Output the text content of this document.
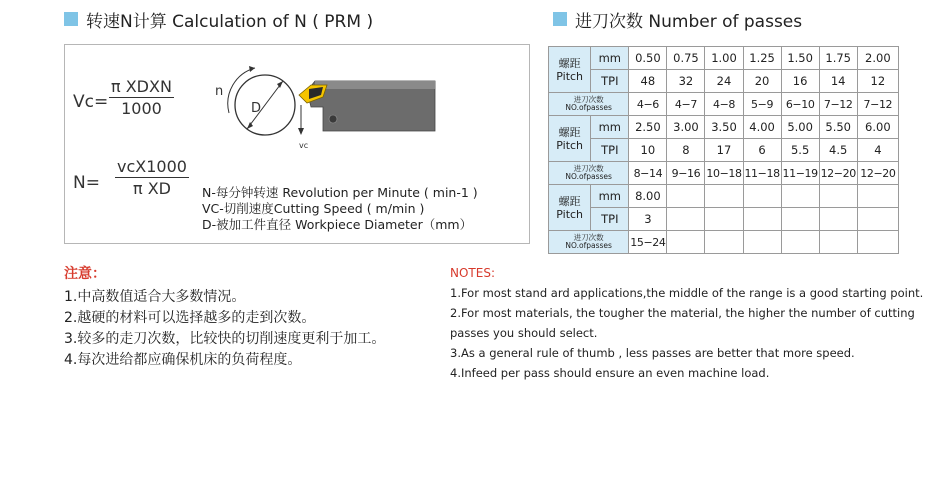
转速N计算 Calculation of N ( PRM )	进刀次数 Number of passes
Vc=
π XDXN
1000
N=
vcX1000
π XD
vc
n
D
N-每分钟转速 Revolution per Minute ( min-1 )
VC-切削速度Cutting Speed ( m/min )
D-被加工件直径 Workpiece Diameter（mm）
螺距
Pitch	mm	0.50	0.75	1.00	1.25	1.50	1.75	2.00
	TPI	48	32	24	20	16	14	12

进刀次数
NO.ofpasses		4−6	4−7	4−8	5−9	6−10	7−12	7−12

螺距
Pitch	mm	2.50	3.00	3.50	4.00	5.00	5.50	6.00
	TPI	10	8	17	6	5.5	4.5	4

进刀次数
NO.ofpasses		8−14	9−16	10−18	11−18	11−19	12−20	12−20

螺距
Pitch	mm	8.00						
	TPI	3						

进刀次数
NO.ofpasses		15−24						
注意：
1.中高数值适合大多数情况。
2.越硬的材料可以选择越多的走到次数。
3.较多的走刀次数，比较快的切削速度更利于加工。
4.每次进给都应确保机床的负荷程度。
NOTES:
1.For most stand ard applications,the middle of the range is a good starting point.
2.For most materials, the tougher the material, the higher the number of cutting
passes you should select.
3.As a general rule of thumb , less passes are better that more speed.
4.Infeed per pass should ensure an even machine load.
